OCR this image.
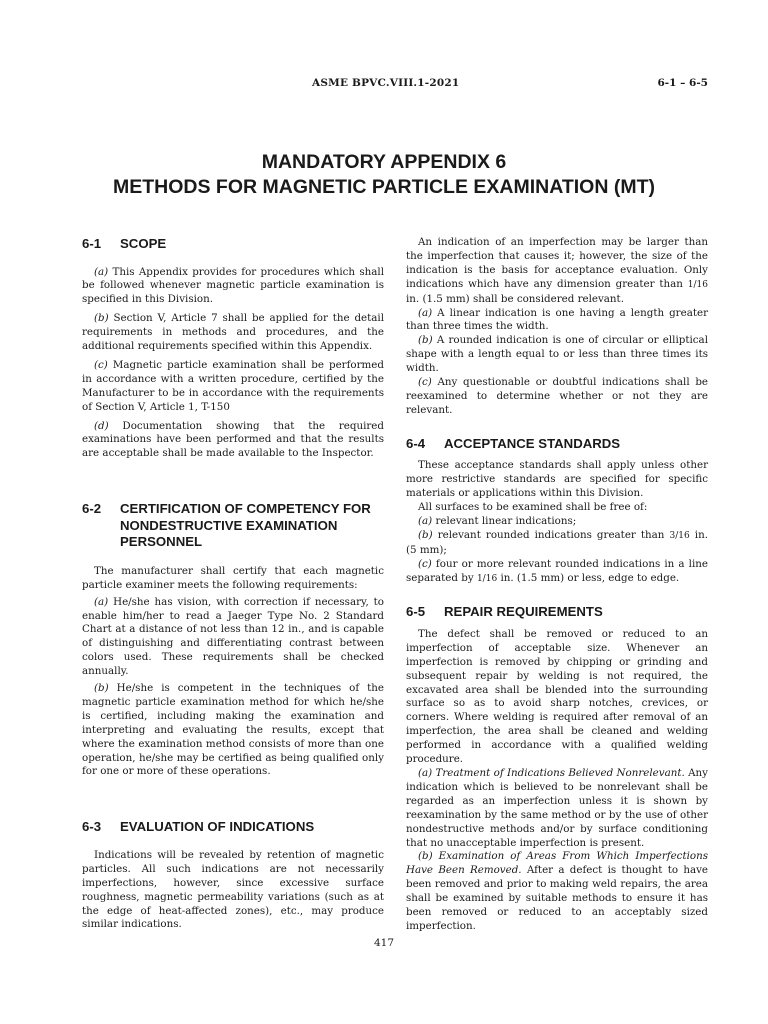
ASME BPVC.VIII.1-2021	6-1 – 6-5
MANDATORY APPENDIX 6
METHODS FOR MAGNETIC PARTICLE EXAMINATION (MT)
6-1	SCOPE

(a) This Appendix provides for procedures which shall be followed whenever magnetic particle examination is specified in this Division.

(b) Section V, Article 7 shall be applied for the detail requirements in methods and procedures, and the additional requirements specified within this Appendix.

(c) Magnetic particle examination shall be performed in accordance with a written procedure, certified by the Manufacturer to be in accordance with the requirements of Section V, Article 1, T-150

(d) Documentation showing that the required examinations have been performed and that the results are acceptable shall be made available to the Inspector.

6-2	CERTIFICATION OF COMPETENCY FOR NONDESTRUCTIVE EXAMINATION PERSONNEL

The manufacturer shall certify that each magnetic particle examiner meets the following requirements:

(a) He/she has vision, with correction if necessary, to enable him/her to read a Jaeger Type No. 2 Standard Chart at a distance of not less than 12 in., and is capable of distinguishing and differentiating contrast between colors used. These requirements shall be checked annually.

(b) He/she is competent in the techniques of the magnetic particle examination method for which he/she is certified, including making the examination and interpreting and evaluating the results, except that where the examination method consists of more than one operation, he/she may be certified as being qualified only for one or more of these operations.

6-3	EVALUATION OF INDICATIONS

Indications will be revealed by retention of magnetic particles. All such indications are not necessarily imperfections, however, since excessive surface roughness, magnetic permeability variations (such as at the edge of heat-affected zones), etc., may produce similar indications.

An indication of an imperfection may be larger than the imperfection that causes it; however, the size of the indication is the basis for acceptance evaluation. Only indications which have any dimension greater than 1/16 in. (1.5 mm) shall be considered relevant.

(a) A linear indication is one having a length greater than three times the width.

(b) A rounded indication is one of circular or elliptical shape with a length equal to or less than three times its width.

(c) Any questionable or doubtful indications shall be reexamined to determine whether or not they are relevant.

6-4	ACCEPTANCE STANDARDS

These acceptance standards shall apply unless other more restrictive standards are specified for specific materials or applications within this Division.

All surfaces to be examined shall be free of:

(a) relevant linear indications;

(b) relevant rounded indications greater than 3/16 in. (5 mm);

(c) four or more relevant rounded indications in a line separated by 1/16 in. (1.5 mm) or less, edge to edge.

6-5	REPAIR REQUIREMENTS

The defect shall be removed or reduced to an imperfection of acceptable size. Whenever an imperfection is removed by chipping or grinding and subsequent repair by welding is not required, the excavated area shall be blended into the surrounding surface so as to avoid sharp notches, crevices, or corners. Where welding is required after removal of an imperfection, the area shall be cleaned and welding performed in accordance with a qualified welding procedure.

(a) Treatment of Indications Believed Nonrelevant. Any indication which is believed to be nonrelevant shall be regarded as an imperfection unless it is shown by reexamination by the same method or by the use of other nondestructive methods and/or by surface conditioning that no unacceptable imperfection is present.

(b) Examination of Areas From Which Imperfections Have Been Removed. After a defect is thought to have been removed and prior to making weld repairs, the area shall be examined by suitable methods to ensure it has been removed or reduced to an acceptably sized imperfection.

417
